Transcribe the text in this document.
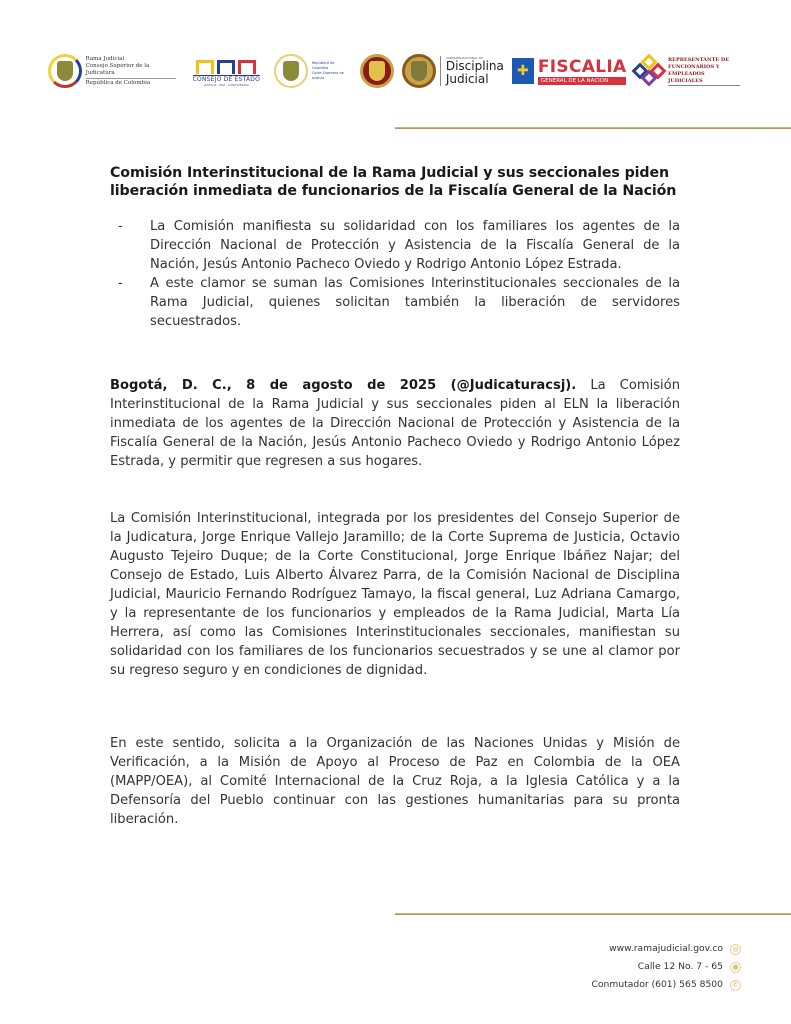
Rama Judicial
Consejo Superior de la Judicatura
República de Colombia	CONSEJO DE ESTADO
JUSTICIA · PAZ · CONVIVENCIA
República de Colombia
Corte Suprema de Justicia
COMISIÓN NACIONAL DE
Disciplina
Judicial	✚ FISCALIA
GENERAL DE LA NACION
REPRESENTANTE DE
FUNCIONARIOS Y
EMPLEADOS JUDICIALES
Comisión Interinstitucional de la Rama Judicial y sus seccionales piden liberación inmediata de funcionarios de la Fiscalía General de la Nación
- La Comisión manifiesta su solidaridad con los familiares los agentes de la Dirección Nacional de Protección y Asistencia de la Fiscalía General de la Nación, Jesús Antonio Pacheco Oviedo y Rodrigo Antonio López Estrada.
- A este clamor se suman las Comisiones Interinstitucionales seccionales de la Rama Judicial, quienes solicitan también la liberación de servidores secuestrados.
Bogotá, D. C., 8 de agosto de 2025 (@Judicaturacsj). La Comisión Interinstitucional de la Rama Judicial y sus seccionales piden al ELN la liberación inmediata de los agentes de la Dirección Nacional de Protección y Asistencia de la Fiscalía General de la Nación, Jesús Antonio Pacheco Oviedo y Rodrigo Antonio López Estrada, y permitir que regresen a sus hogares.
La Comisión Interinstitucional, integrada por los presidentes del Consejo Superior de la Judicatura, Jorge Enrique Vallejo Jaramillo; de la Corte Suprema de Justicia, Octavio Augusto Tejeiro Duque; de la Corte Constitucional, Jorge Enrique Ibáñez Najar; del Consejo de Estado, Luis Alberto Álvarez Parra, de la Comisión Nacional de Disciplina Judicial, Mauricio Fernando Rodríguez Tamayo, la fiscal general, Luz Adriana Camargo, y la representante de los funcionarios y empleados de la Rama Judicial, Marta Lía Herrera, así como las Comisiones Interinstitucionales seccionales, manifiestan su solidaridad con los familiares de los funcionarios secuestrados y se une al clamor por su regreso seguro y en condiciones de dignidad.
En este sentido, solicita a la Organización de las Naciones Unidas y Misión de Verificación, a la Misión de Apoyo al Proceso de Paz en Colombia de la OEA (MAPP/OEA), al Comité Internacional de la Cruz Roja, a la Iglesia Católica y a la Defensoría del Pueblo continuar con las gestiones humanitarias para su pronta liberación.
www.ramajudicial.gov.co	◍
Calle 12 No. 7 - 65	●
Conmutador (601) 565 8500	✆
